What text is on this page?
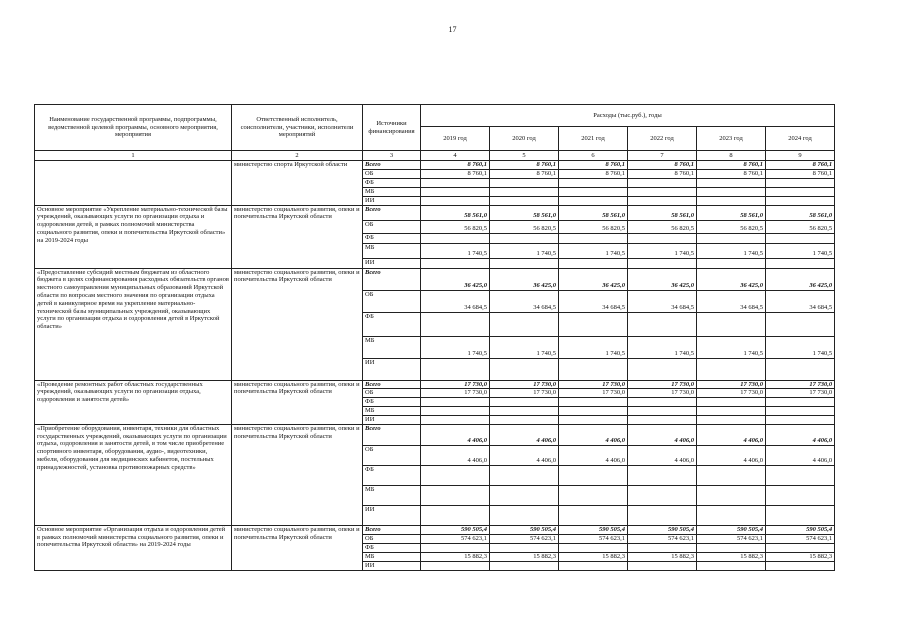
17
Наименование государственной программы, подпрограммы, ведомственной целевой программы, основного мероприятия, мероприятия	Ответственный исполнитель, соисполнители, участники, исполнители мероприятий	Источники финансирования	Расходы (тыс.руб.), годы					
			2019 год	2020 год	2021 год	2022 год	2023 год	2024 год
1	2	3	4	5	6	7	8	9
	министерство спорта Иркутской области	Всего	8 760,1	8 760,1	8 760,1	8 760,1	8 760,1	8 760,1
		ОБ	8 760,1	8 760,1	8 760,1	8 760,1	8 760,1	8 760,1
		ФБ						
		МБ						
		ИИ						
Основное мероприятие «Укрепление материально-технической базы учреждений, оказывающих услуги по организации отдыха и оздоровления детей, в рамках полномочий министерства социального развития, опеки и попечительства Иркутской области» на 2019-2024 годы	министерство социального развития, опеки и попечительства Иркутской области	Всего	58 561,0	58 561,0	58 561,0	58 561,0	58 561,0	58 561,0
		ОБ	56 820,5	56 820,5	56 820,5	56 820,5	56 820,5	56 820,5
		ФБ						
		МБ	1 740,5	1 740,5	1 740,5	1 740,5	1 740,5	1 740,5
		ИИ						
«Предоставление субсидий местным бюджетам из областного бюджета в целях софинансирования расходных обязательств органов местного самоуправления муниципальных образований Иркутской области по вопросам местного значения по организации отдыха детей в каникулярное время на укрепление материально-технической базы муниципальных учреждений, оказывающих услуги по организации отдыха и оздоровления детей в Иркутской области»	министерство социального развития, опеки и попечительства Иркутской области	Всего	36 425,0	36 425,0	36 425,0	36 425,0	36 425,0	36 425,0
		ОБ	34 684,5	34 684,5	34 684,5	34 684,5	34 684,5	34 684,5
		ФБ						
		МБ	1 740,5	1 740,5	1 740,5	1 740,5	1 740,5	1 740,5
		ИИ						
«Проведение ремонтных работ областных государственных учреждений, оказывающих услуги по организации отдыха, оздоровления и занятости детей»	министерство социального развития, опеки и попечительства Иркутской области	Всего	17 730,0	17 730,0	17 730,0	17 730,0	17 730,0	17 730,0
		ОБ	17 730,0	17 730,0	17 730,0	17 730,0	17 730,0	17 730,0
		ФБ						
		МБ						
		ИИ						
«Приобретение оборудования, инвентаря, техники для областных государственных учреждений, оказывающих услуги по организации отдыха, оздоровления и занятости детей, в том числе приобретение спортивного инвентаря, оборудования, аудио-, видеотехники, мебели, оборудования для медицинских кабинетов, постельных принадлежностей, установка противопожарных средств»	министерство социального развития, опеки и попечительства Иркутской области	Всего	4 406,0	4 406,0	4 406,0	4 406,0	4 406,0	4 406,0
		ОБ	4 406,0	4 406,0	4 406,0	4 406,0	4 406,0	4 406,0
		ФБ						
		МБ						
		ИИ						
Основное мероприятие «Организация отдыха и оздоровления детей в рамках полномочий министерства социального развития, опеки и попечительства Иркутской области» на 2019-2024 годы	министерство социального развития, опеки и попечительства Иркутской области	Всего	590 505,4	590 505,4	590 505,4	590 505,4	590 505,4	590 505,4
		ОБ	574 623,1	574 623,1	574 623,1	574 623,1	574 623,1	574 623,1
		ФБ						
		МБ	15 882,3	15 882,3	15 882,3	15 882,3	15 882,3	15 882,3
		ИИ						
